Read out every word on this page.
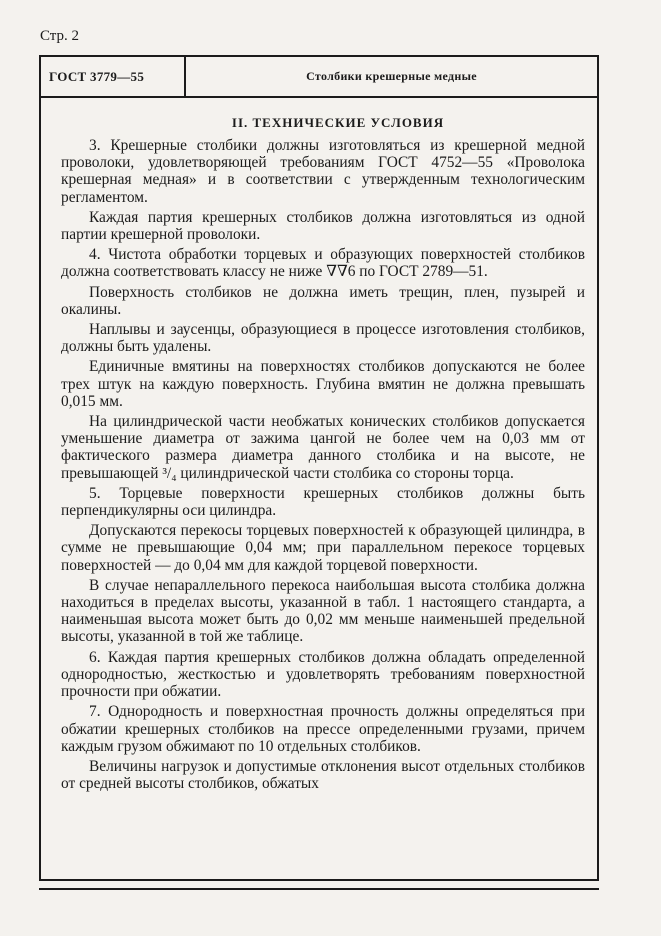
Стр. 2
ГОСТ 3779—55	Столбики крешерные медные
II. ТЕХНИЧЕСКИЕ УСЛОВИЯ

3. Крешерные столбики должны изготовляться из крешерной медной проволоки, удовлетворяющей требованиям ГОСТ 4752—55 «Проволока крешерная медная» и в соответствии с утвержденным технологическим регламентом.

Каждая партия крешерных столбиков должна изготовляться из одной партии крешерной проволоки.

4. Чистота обработки торцевых и образующих поверхностей столбиков должна соответствовать классу не ниже ∇∇6 по ГОСТ 2789—51.

Поверхность столбиков не должна иметь трещин, плен, пузырей и окалины.

Наплывы и заусенцы, образующиеся в процессе изготовления столбиков, должны быть удалены.

Единичные вмятины на поверхностях столбиков допускаются не более трех штук на каждую поверхность. Глубина вмятин не должна превышать 0,015 мм.

На цилиндрической части необжатых конических столбиков допускается уменьшение диаметра от зажима цангой не более чем на 0,03 мм от фактического размера диаметра данного столбика и на высоте, не превышающей ³/₄ цилиндрической части столбика со стороны торца.

5. Торцевые поверхности крешерных столбиков должны быть перпендикулярны оси цилиндра.

Допускаются перекосы торцевых поверхностей к образующей цилиндра, в сумме не превышающие 0,04 мм; при параллельном перекосе торцевых поверхностей — до 0,04 мм для каждой торцевой поверхности.

В случае непараллельного перекоса наибольшая высота столбика должна находиться в пределах высоты, указанной в табл. 1 настоящего стандарта, а наименьшая высота может быть до 0,02 мм меньше наименьшей предельной высоты, указанной в той же таблице.

6. Каждая партия крешерных столбиков должна обладать определенной однородностью, жесткостью и удовлетворять требованиям поверхностной прочности при обжатии.

7. Однородность и поверхностная прочность должны определяться при обжатии крешерных столбиков на прессе определенными грузами, причем каждым грузом обжимают по 10 отдельных столбиков.

Величины нагрузок и допустимые отклонения высот отдельных столбиков от средней высоты столбиков, обжатых
